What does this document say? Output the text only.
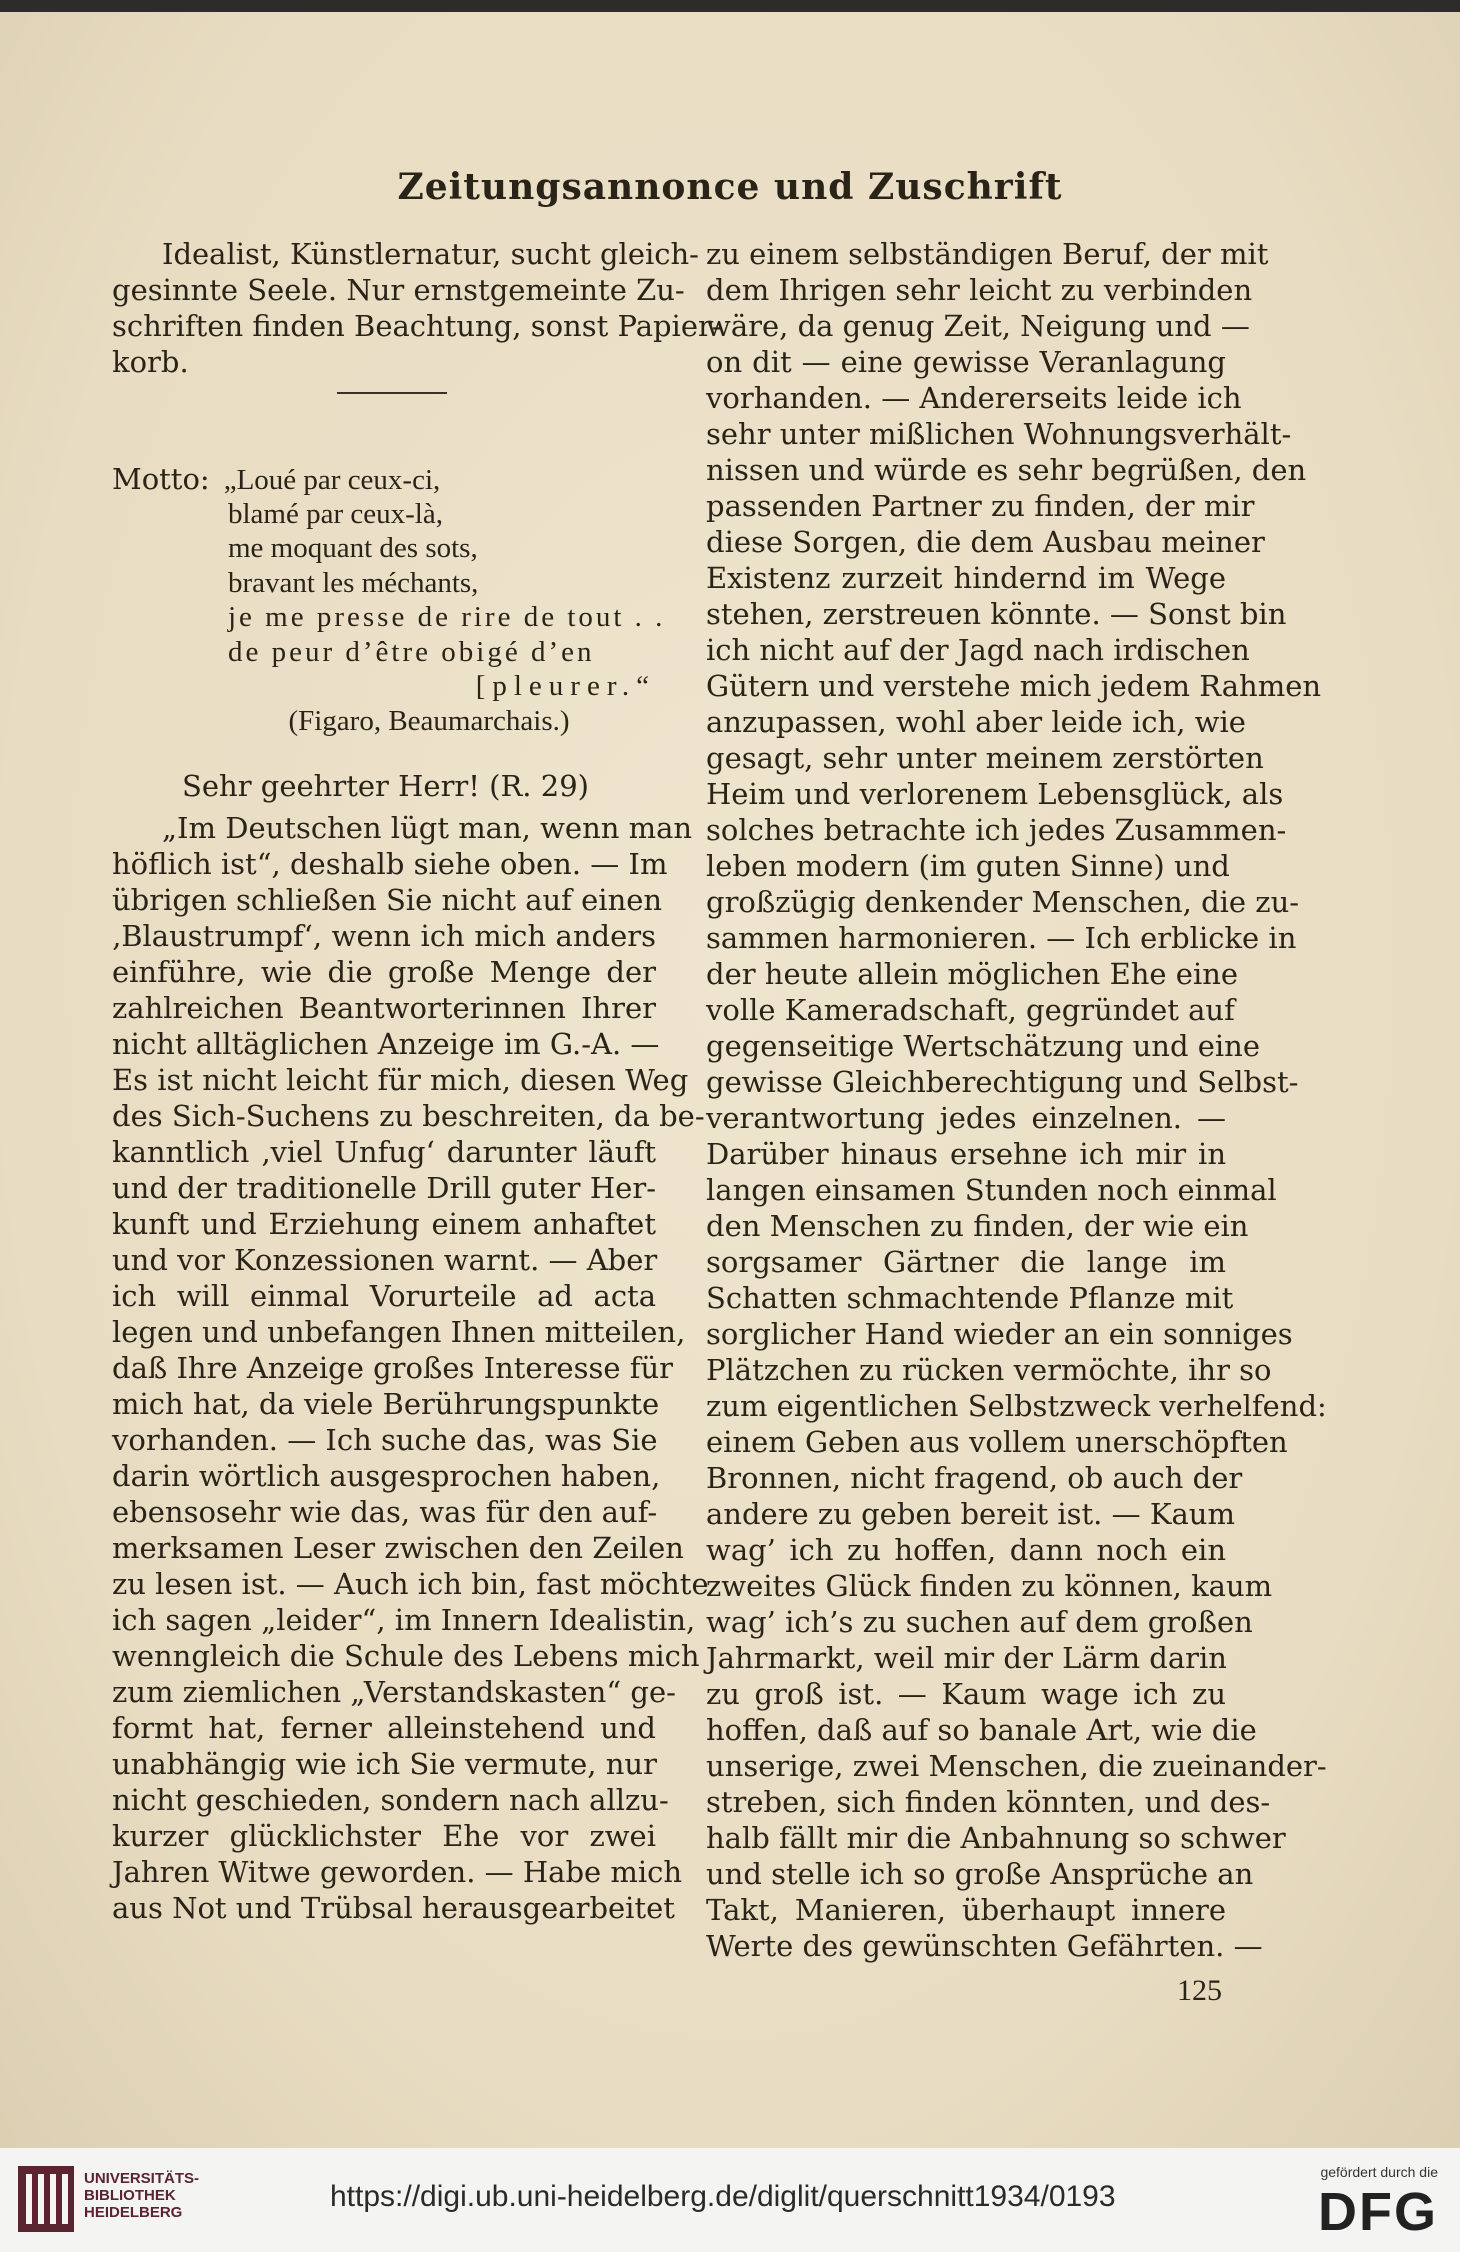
Zeitungsannonce und Zuschrift
Idealist, Künstlernatur, sucht gleich-
gesinnte Seele. Nur ernstgemeinte Zu-
schriften finden Beachtung, sonst Papier-
korb.
Motto: „Loué par ceux-ci,
blamé par ceux-là,
me moquant des sots,
bravant les méchants,
je me presse de rire de tout . .
de peur d’être obigé d’en
[pleurer.“
(Figaro, Beaumarchais.)
Sehr geehrter Herr! (R. 29)
„Im Deutschen lügt man, wenn man
höflich ist“, deshalb siehe oben. — Im
übrigen schließen Sie nicht auf einen
‚Blaustrumpf‘, wenn ich mich anders
einführe, wie die große Menge der
zahlreichen Beantworterinnen Ihrer
nicht alltäglichen Anzeige im G.-A. —
Es ist nicht leicht für mich, diesen Weg
des Sich-Suchens zu beschreiten, da be-
kanntlich ‚viel Unfug‘ darunter läuft
und der traditionelle Drill guter Her-
kunft und Erziehung einem anhaftet
und vor Konzessionen warnt. — Aber
ich will einmal Vorurteile ad acta
legen und unbefangen Ihnen mitteilen,
daß Ihre Anzeige großes Interesse für
mich hat, da viele Berührungspunkte
vorhanden. — Ich suche das, was Sie
darin wörtlich ausgesprochen haben,
ebensosehr wie das, was für den auf-
merksamen Leser zwischen den Zeilen
zu lesen ist. — Auch ich bin, fast möchte
ich sagen „leider“, im Innern Idealistin,
wenngleich die Schule des Lebens mich
zum ziemlichen „Verstandskasten“ ge-
formt hat, ferner alleinstehend und
unabhängig wie ich Sie vermute, nur
nicht geschieden, sondern nach allzu-
kurzer glücklichster Ehe vor zwei
Jahren Witwe geworden. — Habe mich
aus Not und Trübsal herausgearbeitet
zu einem selbständigen Beruf, der mit
dem Ihrigen sehr leicht zu verbinden
wäre, da genug Zeit, Neigung und —
on dit — eine gewisse Veranlagung
vorhanden. — Andererseits leide ich
sehr unter mißlichen Wohnungsverhält-
nissen und würde es sehr begrüßen, den
passenden Partner zu finden, der mir
diese Sorgen, die dem Ausbau meiner
Existenz zurzeit hindernd im Wege
stehen, zerstreuen könnte. — Sonst bin
ich nicht auf der Jagd nach irdischen
Gütern und verstehe mich jedem Rahmen
anzupassen, wohl aber leide ich, wie
gesagt, sehr unter meinem zerstörten
Heim und verlorenem Lebensglück, als
solches betrachte ich jedes Zusammen-
leben modern (im guten Sinne) und
großzügig denkender Menschen, die zu-
sammen harmonieren. — Ich erblicke in
der heute allein möglichen Ehe eine
volle Kameradschaft, gegründet auf
gegenseitige Wertschätzung und eine
gewisse Gleichberechtigung und Selbst-
verantwortung jedes einzelnen. —
Darüber hinaus ersehne ich mir in
langen einsamen Stunden noch einmal
den Menschen zu finden, der wie ein
sorgsamer Gärtner die lange im
Schatten schmachtende Pflanze mit
sorglicher Hand wieder an ein sonniges
Plätzchen zu rücken vermöchte, ihr so
zum eigentlichen Selbstzweck verhelfend:
einem Geben aus vollem unerschöpften
Bronnen, nicht fragend, ob auch der
andere zu geben bereit ist. — Kaum
wag’ ich zu hoffen, dann noch ein
zweites Glück finden zu können, kaum
wag’ ich’s zu suchen auf dem großen
Jahrmarkt, weil mir der Lärm darin
zu groß ist. — Kaum wage ich zu
hoffen, daß auf so banale Art, wie die
unserige, zwei Menschen, die zueinander-
streben, sich finden könnten, und des-
halb fällt mir die Anbahnung so schwer
und stelle ich so große Ansprüche an
Takt, Manieren, überhaupt innere
Werte des gewünschten Gefährten. —
125
UNIVERSITÄTS-
BIBLIOTHEK
HEIDELBERG	https://digi.ub.uni-heidelberg.de/diglit/querschnitt1934/0193
gefördert durch die
DFG
